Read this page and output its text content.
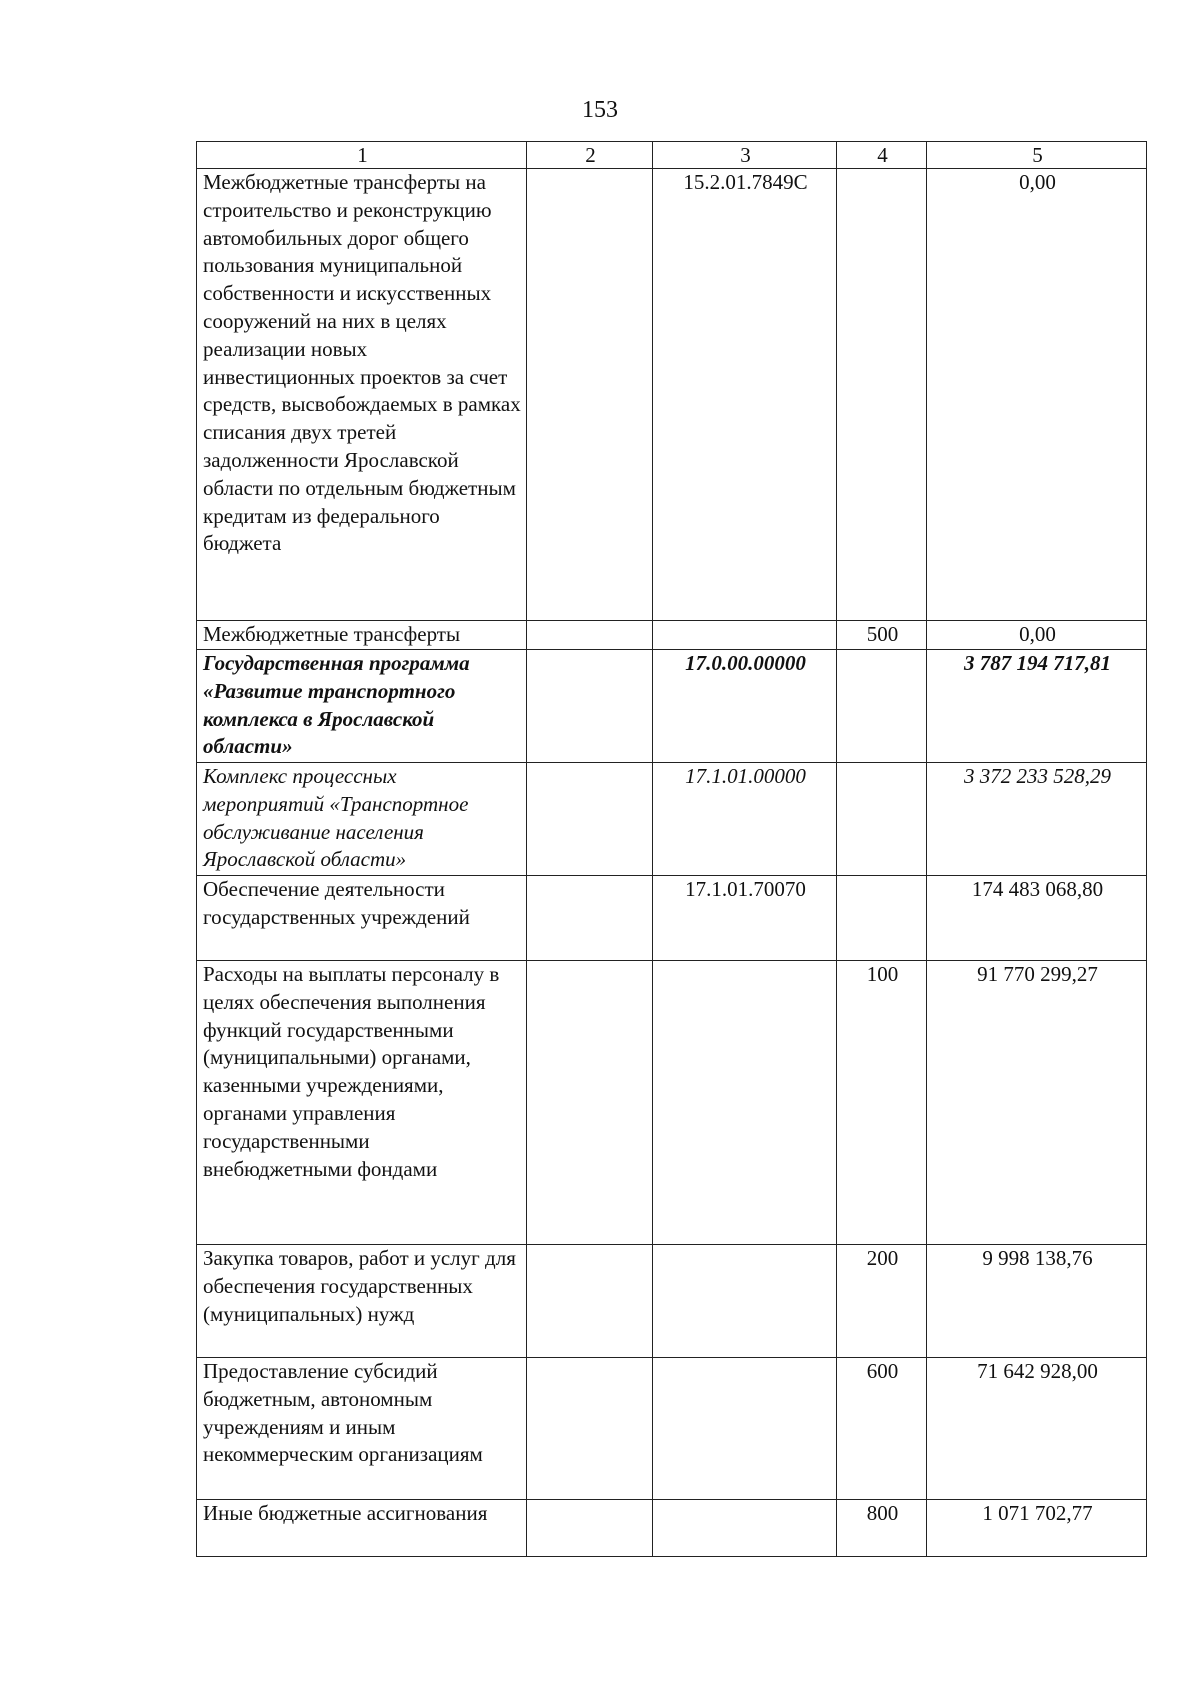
153
1	2	3	4	5
Межбюджетные трансферты на строительство и реконструкцию автомобильных дорог общего пользования муниципальной собственности и искусственных сооружений на них в целях реализации новых инвестиционных проектов за счет средств, высвобождаемых в рамках списания двух третей задолженности Ярославской области по отдельным бюджетным кредитам из федерального бюджета		15.2.01.7849С		0,00
Межбюджетные трансферты			500	0,00
Государственная программа «Развитие транспортного комплекса в Ярославской области»		17.0.00.00000		3 787 194 717,81
Комплекс процессных мероприятий «Транспортное обслуживание населения Ярославской области»		17.1.01.00000		3 372 233 528,29
Обеспечение деятельности государственных учреждений		17.1.01.70070		174 483 068,80
Расходы на выплаты персоналу в целях обеспечения выполнения функций государственными (муниципальными) органами, казенными учреждениями, органами управления государственными внебюджетными фондами			100	91 770 299,27
Закупка товаров, работ и услуг для обеспечения государственных (муниципальных) нужд			200	9 998 138,76
Предоставление субсидий бюджетным, автономным учреждениям и иным некоммерческим организациям			600	71 642 928,00
Иные бюджетные ассигнования			800	1 071 702,77
